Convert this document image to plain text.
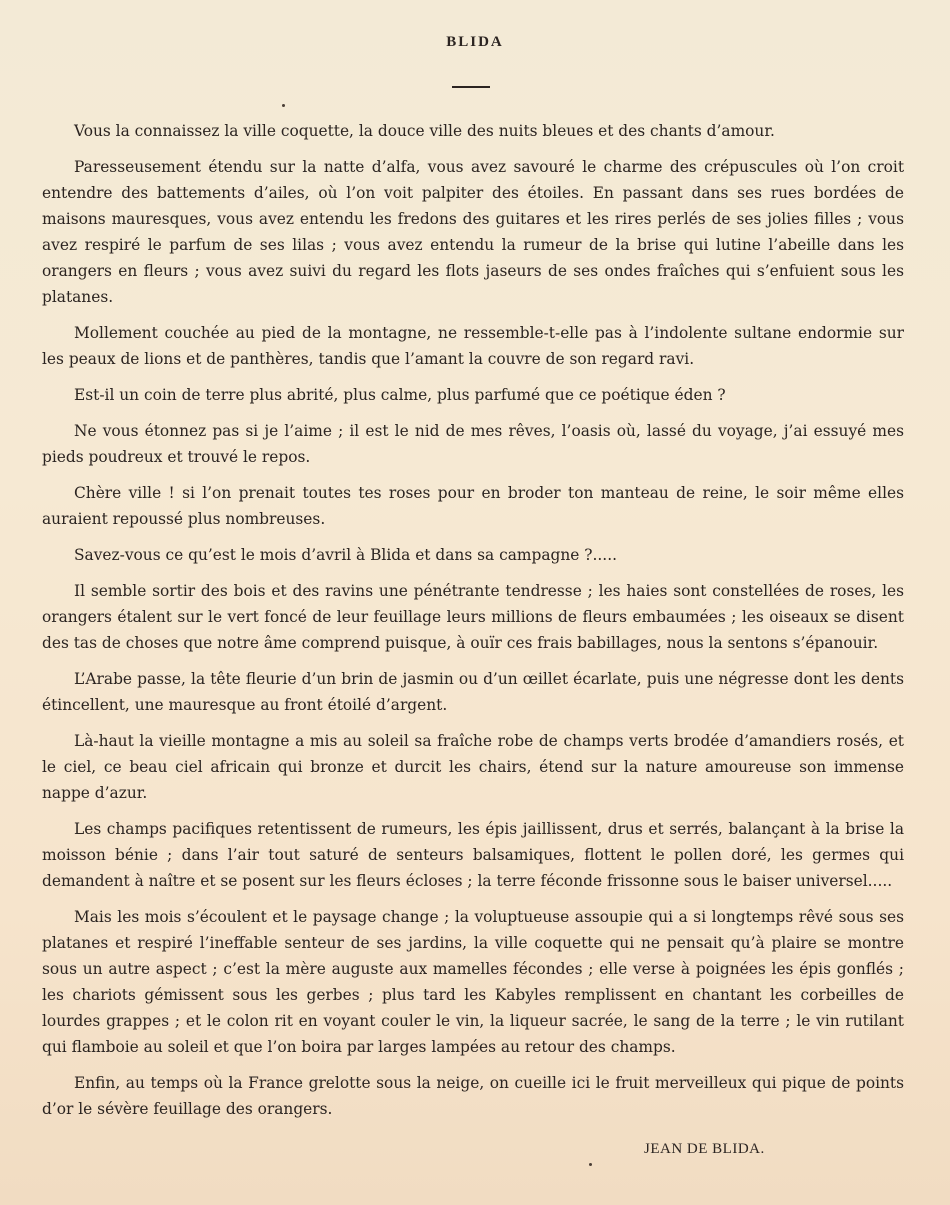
BLIDA

Vous la connaissez la ville coquette, la douce ville des nuits bleues et des chants d’amour.

Paresseusement étendu sur la natte d’alfa, vous avez savouré le charme des crépuscules où l’on croit entendre des battements d’ailes, où l’on voit palpiter des étoiles. En passant dans ses rues bordées de maisons mauresques, vous avez entendu les fredons des guitares et les rires perlés de ses jolies filles ; vous avez respiré le parfum de ses lilas ; vous avez entendu la rumeur de la brise qui lutine l’abeille dans les orangers en fleurs ; vous avez suivi du regard les flots jaseurs de ses ondes fraîches qui s’enfuient sous les platanes.

Mollement couchée au pied de la montagne, ne ressemble-t-elle pas à l’indolente sultane endormie sur les peaux de lions et de panthères, tandis que l’amant la couvre de son regard ravi.

Est-il un coin de terre plus abrité, plus calme, plus parfumé que ce poétique éden ?

Ne vous étonnez pas si je l’aime ; il est le nid de mes rêves, l’oasis où, lassé du voyage, j’ai essuyé mes pieds poudreux et trouvé le repos.

Chère ville ! si l’on prenait toutes tes roses pour en broder ton manteau de reine, le soir même elles auraient repoussé plus nombreuses.

Savez-vous ce qu’est le mois d’avril à Blida et dans sa campagne ?.....

Il semble sortir des bois et des ravins une pénétrante tendresse ; les haies sont constellées de roses, les orangers étalent sur le vert foncé de leur feuillage leurs millions de fleurs embaumées ; les oiseaux se disent des tas de choses que notre âme comprend puisque, à ouïr ces frais babillages, nous la sentons s’épanouir.

L’Arabe passe, la tête fleurie d’un brin de jasmin ou d’un œillet écarlate, puis une négresse dont les dents étincellent, une mauresque au front étoilé d’argent.

Là-haut la vieille montagne a mis au soleil sa fraîche robe de champs verts brodée d’amandiers rosés, et le ciel, ce beau ciel africain qui bronze et durcit les chairs, étend sur la nature amoureuse son immense nappe d’azur.

Les champs pacifiques retentissent de rumeurs, les épis jaillissent, drus et serrés, balançant à la brise la moisson bénie ; dans l’air tout saturé de senteurs balsamiques, flottent le pollen doré, les germes qui demandent à naître et se posent sur les fleurs écloses ; la terre féconde frissonne sous le baiser universel.....

Mais les mois s’écoulent et le paysage change ; la voluptueuse assoupie qui a si longtemps rêvé sous ses platanes et respiré l’ineffable senteur de ses jardins, la ville coquette qui ne pensait qu’à plaire se montre sous un autre aspect ; c’est la mère auguste aux mamelles fécondes ; elle verse à poignées les épis gonflés ; les chariots gémissent sous les gerbes ; plus tard les Kabyles remplissent en chantant les corbeilles de lourdes grappes ; et le colon rit en voyant couler le vin, la liqueur sacrée, le sang de la terre ; le vin rutilant qui flamboie au soleil et que l’on boira par larges lampées au retour des champs.

Enfin, au temps où la France grelotte sous la neige, on cueille ici le fruit merveilleux qui pique de points d’or le sévère feuillage des orangers.

JEAN DE BLIDA.
